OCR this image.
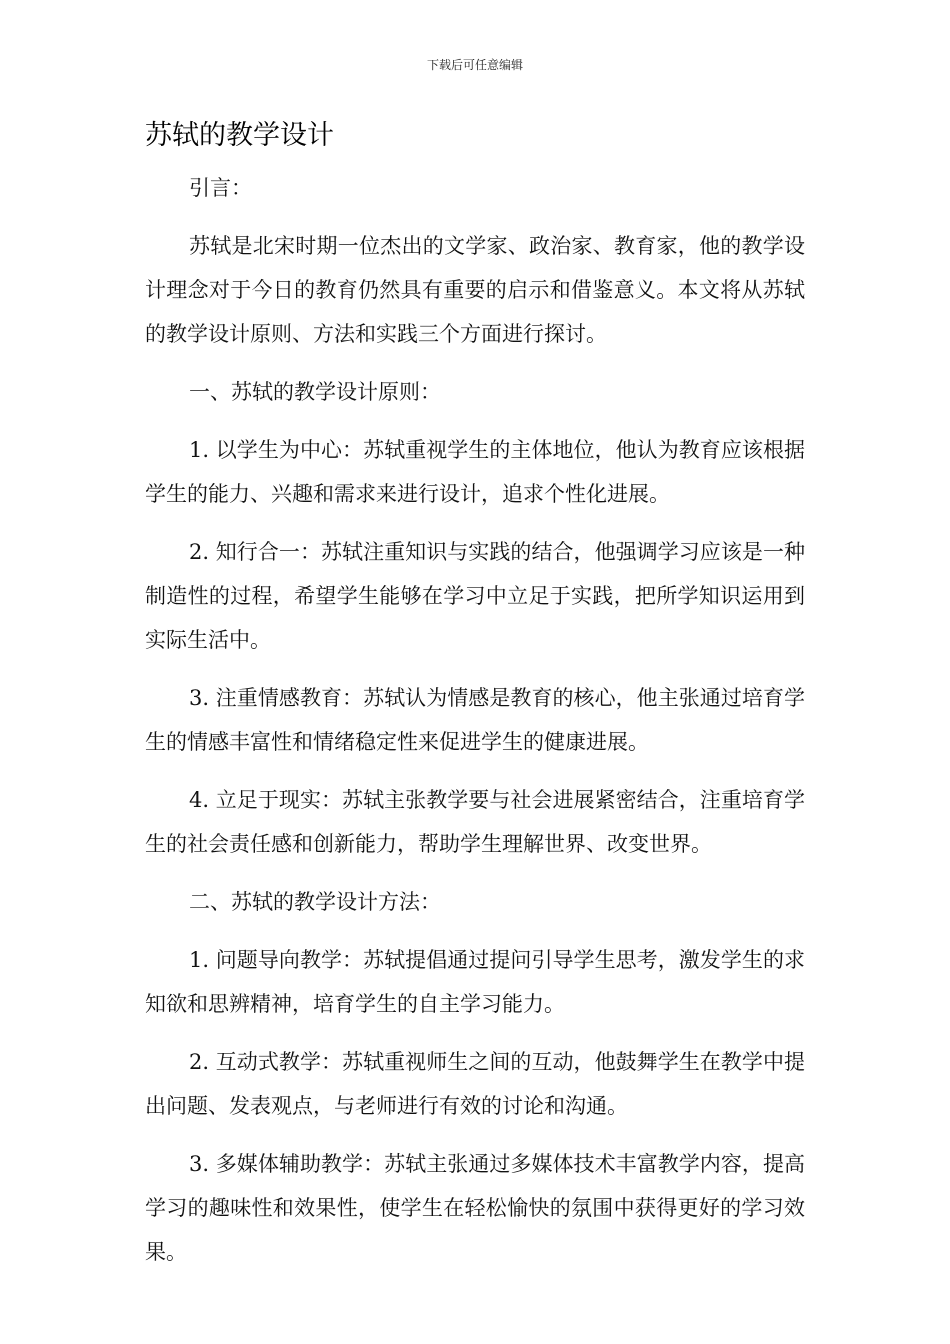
下载后可任意编辑
苏轼的教学设计

引言：

苏轼是北宋时期一位杰出的文学家、政治家、教育家，他的教学设计理念对于今日的教育仍然具有重要的启示和借鉴意义。本文将从苏轼的教学设计原则、方法和实践三个方面进行探讨。

一、苏轼的教学设计原则：

1. 以学生为中心：苏轼重视学生的主体地位，他认为教育应该根据学生的能力、兴趣和需求来进行设计，追求个性化进展。

2. 知行合一：苏轼注重知识与实践的结合，他强调学习应该是一种制造性的过程，希望学生能够在学习中立足于实践，把所学知识运用到实际生活中。

3. 注重情感教育：苏轼认为情感是教育的核心，他主张通过培育学生的情感丰富性和情绪稳定性来促进学生的健康进展。

4. 立足于现实：苏轼主张教学要与社会进展紧密结合，注重培育学生的社会责任感和创新能力，帮助学生理解世界、改变世界。

二、苏轼的教学设计方法：

1. 问题导向教学：苏轼提倡通过提问引导学生思考，激发学生的求知欲和思辨精神，培育学生的自主学习能力。

2. 互动式教学：苏轼重视师生之间的互动，他鼓舞学生在教学中提出问题、发表观点，与老师进行有效的讨论和沟通。

3. 多媒体辅助教学：苏轼主张通过多媒体技术丰富教学内容，提高学习的趣味性和效果性，使学生在轻松愉快的氛围中获得更好的学习效果。
